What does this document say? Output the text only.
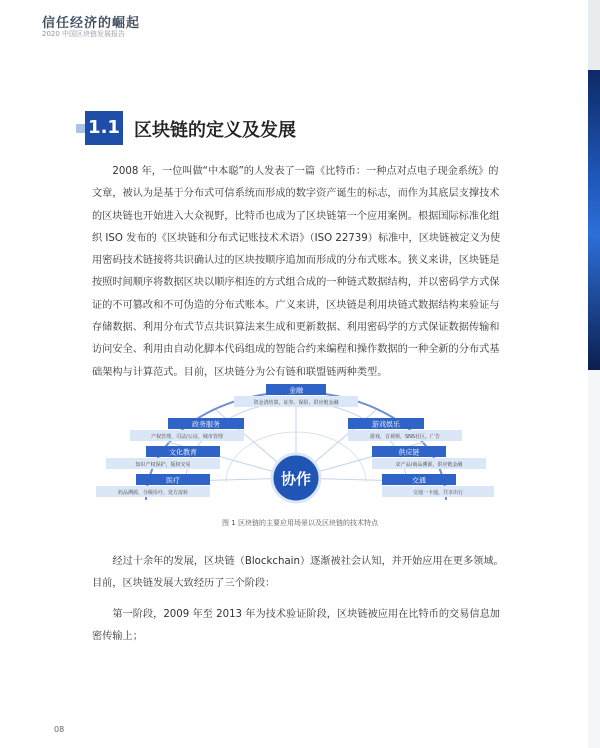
信任经济的崛起
2020 中国区块链发展报告
1.1 区块链的定义及发展

2008 年，一位叫做“中本聪”的人发表了一篇《比特币：一种点对点电子现金系统》的文章，被认为是基于分布式可信系统而形成的数字资产诞生的标志，而作为其底层支撑技术的区块链也开始进入大众视野，比特币也成为了区块链第一个应用案例。根据国际标准化组织 ISO 发布的《区块链和分布式记账技术术语》（ISO 22739）标准中，区块链被定义为使用密码技术链接将共识确认过的区块按顺序追加而形成的分布式账本。狭义来讲，区块链是按照时间顺序将数据区块以顺序相连的方式组合成的一种链式数据结构，并以密码学方式保证的不可篡改和不可伪造的分布式账本。广义来讲，区块链是利用块链式数据结构来验证与存储数据、利用分布式节点共识算法来生成和更新数据、利用密码学的方式保证数据传输和访问安全、利用由自动化脚本代码组成的智能合约来编程和操作数据的一种全新的分布式基础架构与计算范式。目前，区块链分为公有链和联盟链两种类型。

协作
金融
资金清结算，证券，保险，供应链金融
政务服务
产权管理，司法/公证，城市管理
游戏娱乐
游戏，音视频，SNS社区，广告
文化教育
知识产权保护，版权交易
供应链
农产品/商品溯源，供应链金融
医疗
药品溯源，分级诊疗，处方流转
交通
交通一卡通，共享出行
图 1 区块链的主要应用场景以及区块链的技术特点

经过十余年的发展，区块链（Blockchain）逐渐被社会认知，并开始应用在更多领域。目前，区块链发展大致经历了三个阶段：

第一阶段，2009 年至 2013 年为技术验证阶段，区块链被应用在比特币的交易信息加密传输上；

08
